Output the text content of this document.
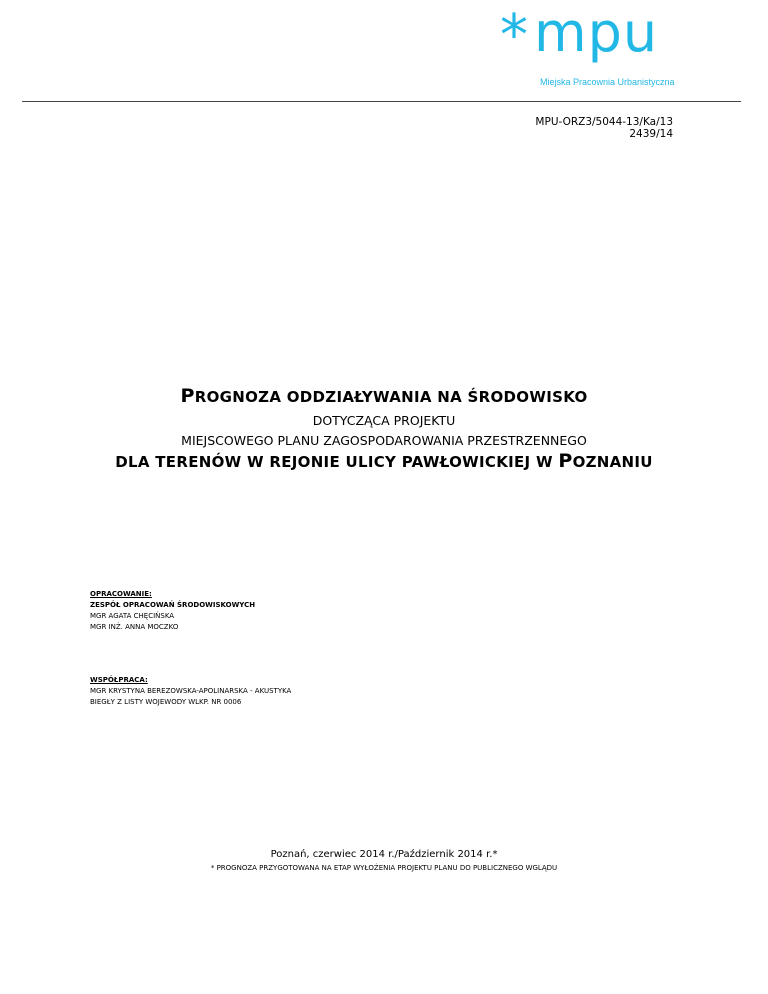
* mpu
Miejska Pracownia Urbanistyczna
MPU-ORZ3/5044-13/Ka/13
2439/14
PROGNOZA ODDZIAŁYWANIA NA ŚRODOWISKO
DOTYCZĄCA PROJEKTU
MIEJSCOWEGO PLANU ZAGOSPODAROWANIA PRZESTRZENNEGO
DLA TERENÓW W REJONIE ULICY PAWŁOWICKIEJ W POZNANIU
OPRACOWANIE:
ZESPÓŁ OPRACOWAŃ ŚRODOWISKOWYCH
MGR AGATA CHĘCIŃSKA
MGR INŻ. ANNA MOCZKO
WSPÓŁPRACA:
MGR KRYSTYNA BEREZOWSKA-APOLINARSKA - AKUSTYKA
BIEGŁY Z LISTY WOJEWODY WLKP. NR 0006
Poznań, czerwiec 2014 r./Październik 2014 r.*
* PROGNOZA PRZYGOTOWANA NA ETAP WYŁOŻENIA PROJEKTU PLANU DO PUBLICZNEGO WGLĄDU
